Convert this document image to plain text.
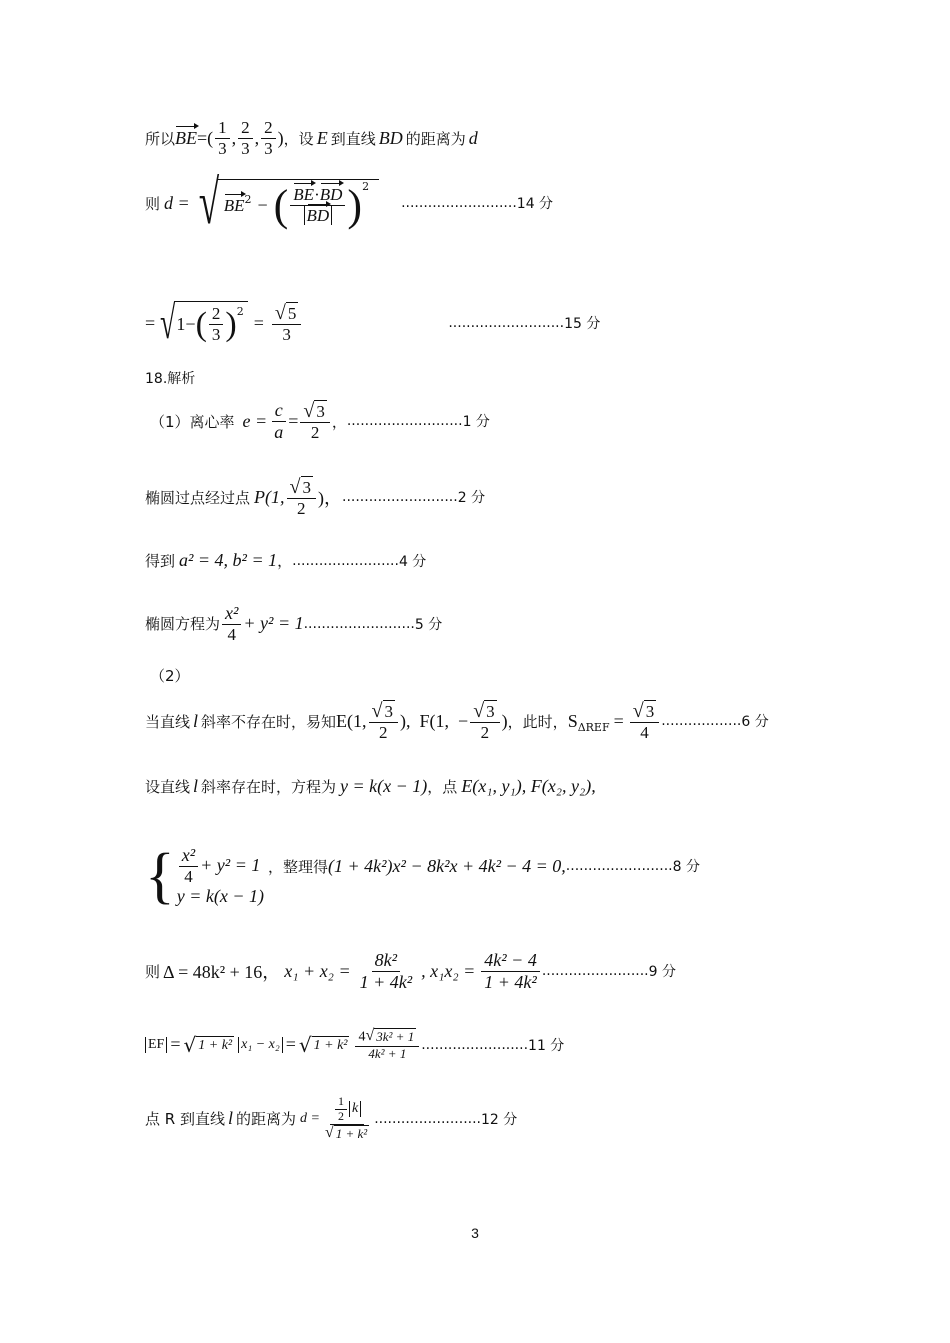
所以 BE =( $\frac{1}{3}$ , $\frac{2}{3}$ , $\frac{2}{3}$ ) ，设 E 到直线 BD 的距离为 d
则 d = √ $BE^2$ − ( $\frac{BE\cdot BD}{BD} )^2$
.......................... 14 分
= √ 1− ( $\frac{2}{3} )^2$
= $\frac{√ 5}{3}$	.......................... 15 分
18.解析
（1）离心率 $e = \frac{c}{a} = \frac{√ 3}{2}$ ， .......................... 1 分
椭圆过点经过点 P(1, $\frac{√ 3}{2}$ )， .......................... 2 分
得到 a² = 4, b² = 1 ， ........................ 4 分
椭圆方程为 $\frac{\text{x²}}{4} + y^2 = 1$ ......................... 5 分
（2）
当直线 l 斜率不存在时，易知 E(1, $\frac{√ 3}{2}$ ),  F(1,  − $\frac{√ 3}{2}$ ) ，此时， $S_{\Delta REF} = \frac{√ 3}{4}$ .................. 6 分
设直线 l 斜率存在时，方程为 y = k(x − 1) ，点 E(x₁, y₁), F(x₂, y₂),
{ $\frac{\text{x²}}{4} + y^2 = 1$
y = k(x − 1)
，整理得 (1 + 4k²)x² − 8k²x + 4k² − 4 = 0, ........................ 8 分
则 Δ = 48k² + 16， $x_1 + x_2 = \frac{\text{8k²}}{\text{1 + 4k²}}$ , $x_1x_2 = \frac{\text{4k² − 4}}{\text{1 + 4k²}}$ ........................ 9 分
EF = √ 1 + k² x₁ − x₂ = √ $1 + k^2 \frac{\text{4 √ 3k² + 1}}{\text{4k² + 1}}$ ........................ 11 分
点 R 到直线 l 的距离为 $d = \frac{\frac{1}{2} k}{\text{√ 1 + k²}}$ ........................ 12 分
3
